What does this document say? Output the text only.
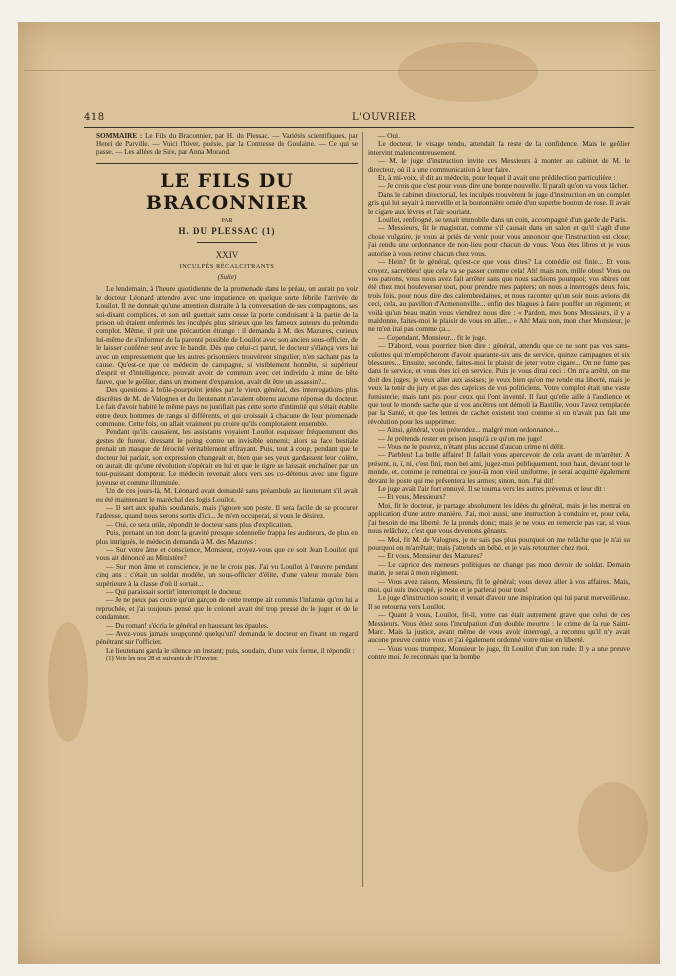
418	L'OUVRIER
SOMMAIRE : Le Fils du Braconnier, par H. du Plessac. — Variétés scientifiques, par Henri de Parville. — Voici l'hiver, poésie, par la Comtesse de Goulaine. — Ce qui se passe. — Les allées de Sire, par Anna Morand.
LE FILS DU BRACONNIER
PAR
H. DU PLESSAC (1)
XXIV
INCULPÉS RÉCALCITRANTS
(Suite)

Le lendemain, à l'heure quotidienne de la promenade dans le préau, on aurait pu voir le docteur Léonard attendre avec une impatience en quelque sorte fébrile l'arrivée de Louilot. Il ne donnait qu'une attention distraite à la conversation de ses compagnons, ses soi-disant complices, et son œil guettait sans cesse la porte conduisant à la partie de la prison où étaient enfermés les inculpés plus sérieux que les fameux auteurs du prétendu complot. Même, il prit une précaution étrange : il demanda à M. des Mazures, curieux lui-même de s'informer de la parenté possible de Louilot avec son ancien sous-officier, de le laisser conférer seul avec le bandit. Dès que celui-ci parut, le docteur s'élança vers lui avec un empressement que les autres prisonniers trouvèrent singulier, n'en sachant pas la cause. Qu'est-ce que ce médecin de campagne, si visiblement honnête, si supérieur d'esprit et d'intelligence, pouvait avoir de commun avec cet individu à mine de bête fauve, que le geôlier, dans un moment d'expansion, avait dit être un assassin?...

Des questions à brûle-pourpoint jetées par le vieux général, des interrogations plus discrètes de M. de Valognes et du lieutenant n'avaient obtenu aucune réponse du docteur. Le fait d'avoir habité le même pays ne justifiait pas cette sorte d'intimité qui s'était établie entre deux hommes de rangs si différents, et qui croissait à chacune de leur promenade commune. Cette fois, on allait vraiment pu croire qu'ils complotaient ensemble.

Pendant qu'ils causaient, les assistants voyaient Louilot esquisser fréquemment des gestes de fureur, dressant le poing contre un invisible ennemi; alors sa face bestiale prenait un masque de férocité véritablement effrayant. Puis, tout à coup, pendant que le docteur lui parlait, son expression changeait et, bien que ses yeux gardassent leur colère, on aurait dit qu'une révolution s'opérait en lui et que le tigre se laissait enchaîner par un tout-puissant dompteur. Le médecin revenait alors vers ses co-détenus avec une figure joyeuse et comme illuminée.

Un de ces jours-là, M. Léonard avait demandé sans préambule au lieutenant s'il avait eu été maintenant le maréchal des logis Louilot.

— Il sert aux spahis soudanais, mais j'ignore son poste. Il sera facile de se procurer l'adresse, quand nous serons sortis d'ici... Je m'en occuperai, si vous le désirez.

— Oui, ce sera utile, répondit le docteur sans plus d'explication.

Puis, prenant un ton dont la gravité presque solennelle frappa les auditeurs, de plus en plus intrigués, le médecin demanda à M. des Mazures :

— Sur votre âme et conscience, Monsieur, croyez-vous que ce soit Jean Louilot qui vous ait dénoncé au Ministère?

— Sur mon âme et conscience, je ne le crois pas. J'ai vu Louilot à l'œuvre pendant cinq ans : c'était un soldat modèle, un sous-officier d'élite, d'une valeur morale bien supérieure à la classe d'où il sortait...

— Qui paraissait sortir! interrompit le docteur.

— Je ne peux pas croire qu'un garçon de cette trempe ait commis l'infamie qu'on lui a reprochée, et j'ai toujours pensé que le colonel avait été trop pressé de le juger et de le condamner.

— Du roman! s'écria le général en haussant les épaules.

— Avez-vous jamais soupçonné quelqu'un? demanda le docteur en fixant un regard pénétrant sur l'officier.

Le lieutenant garda le silence un instant; puis, soudain, d'une voix ferme, il répondit :

(1) Voir les nos 28 et suivants de l'Ouvrier.

— Oui.

Le docteur, le visage tendu, attendait la reste de la confidence. Mais le geôlier intervint malencontreusement.

— M. le juge d'instruction invite ces Messieurs à monter au cabinet de M. le directeur, où il a une communication à leur faire.

Et, à mi-voix, il dit au médecin, pour lequel il avait une prédilection particulière :

— Je crois que c'est pour vous dire une bonne nouvelle. Il paraît qu'on va vous lâcher.

Dans le cabinet directorial, les inculpés trouvèrent le juge d'instruction en un complet gris qui lui seyait à merveille et la boutonnière ornée d'un superbe bouton de rose. Il avait le cigare aux lèvres et l'air souriant.

Louilot, renfrogné, se tenait immobile dans un coin, accompagné d'un garde de Paris.

— Messieurs, fit le magistrat, comme s'il causait dans un salon et qu'il s'agît d'une chose vulgaire, je vous ai priés de venir pour vous annoncer que l'instruction est close; j'ai rendu une ordonnance de non-lieu pour chacun de vous. Vous êtes libres et je vous autorise à vous retirer chacun chez vous.

— Hein? fit le général, qu'est-ce que vous dites? La comédie est finie... Et vous croyez, sacrebleu! que cela va se passer comme cela! Ah! mais non, mille obus! Vous ou vos patrons, vous nous avez fait arrêter sans que nous sachions pourquoi; vos sbires ont été chez moi bouleverser tout, pour prendre mes papiers; on nous a interrogés deux fois, trois fois, pour nous dire des calembredaines, et nous raconter qu'un soir nous avions dit ceci, cela, au pavillon d'Armenonville... enfin des blagues à faire pouffer un régiment; et voilà qu'un beau matin vous viendrez nous dire : « Pardon, mes bons Messieurs, il y a maldonne, faites-moi le plaisir de vous en aller... » Ah! Mais non, mon cher Monsieur, je ne m'en irai pas comme ça...

— Cependant, Monsieur... fit le juge.

— D'abord, vous pourriez bien dire : général, attendu que ce ne sont pas vos sans-culottes qui m'empêcheront d'avoir quarante-six ans de service, quinze campagnes et six blessures... Ensuite, seconde, faites-moi le plaisir de jeter votre cigare... On ne fume pas dans le service, et vous êtes ici en service. Puis je vous dirai ceci : On m'a arrêté, on me doit des juges; je veux aller aux assises; je veux bien qu'on me rende ma liberté, mais je veux la tenir du jury et pas des caprices de vos politiciens. Votre complot était une vaste fumisterie; mais tant pis pour ceux qui l'ont inventé. Il faut qu'elle aille à l'audience et que tout le monde sache que si vos ancêtres ont démoli la Bastille, vous l'avez remplacée par la Santé, et que les lettres de cachet existent tout comme si on n'avait pas fait une révolution pour les supprimer.

— Ainsi, général, vous prétendez... malgré mon ordonnance...

— Je prétends rester en prison jusqu'à ce qu'on me juge!

— Vous ne le pouvez, n'étant plus accusé d'aucun crime ni délit.

— Parbleu! La belle affaire! Il fallait vous apercevoir de cela avant de m'arrêter. A présent, n, i, ni, c'est fini, mon bel ami, jugez-moi publiquement, tout haut, devant tout le monde, et, comme je remettrai ce jour-là mon vieil uniforme, je serai acquitté également devant le poste qui me présentera les armes; sinon, non. J'ai dit!

Le juge avait l'air fort ennuyé. Il se tourna vers les autres prévenus et leur dit :

— Et vous, Messieurs?

Moi, fit le docteur, je partage absolument les idées du général, mais je les mettrai en application d'une autre manière. J'ai, moi aussi, une instruction à conduire et, pour cela, j'ai besoin de ma liberté. Je la prends donc; mais je ne vous en remercie pas car, si vous nous relâchez, c'est que vous devenons gênants.

— Moi, fit M. de Valognes, je ne sais pas plus pourquoi on me relâche que je n'ai su pourquoi on m'arrêtait; mais j'attends un bébé, et je vais retourner chez moi.

— Et vous, Monsieur des Mazures?

— Le caprice des meneurs politiques ne change pas mon devoir de soldat. Demain matin, je serai à mon régiment.

— Vous avez raison, Messieurs, fit le général; vous devez aller à vos affaires. Mais, moi, qui suis inoccupé, je reste et je parlerai pour tous!

Le juge d'instruction sourit; il venait d'avoir une inspiration qui lui parut merveilleuse. Il se retourna vers Louilot.

— Quant à vous, Louilot, fit-il, votre cas était autrement grave que celui de ces Messieurs. Vous étiez sous l'inculpation d'un double meurtre : le crime de la rue Saint-Marc. Mais la justice, avant même de vous avoir interrogé, a reconnu qu'il n'y avait aucune preuve contre vous et j'ai également ordonné votre mise en liberté.

— Vous vous trompez, Monsieur le juge, fit Louilot d'un ton rude. Il y a une preuve contre moi. Je reconnais que la bombe
